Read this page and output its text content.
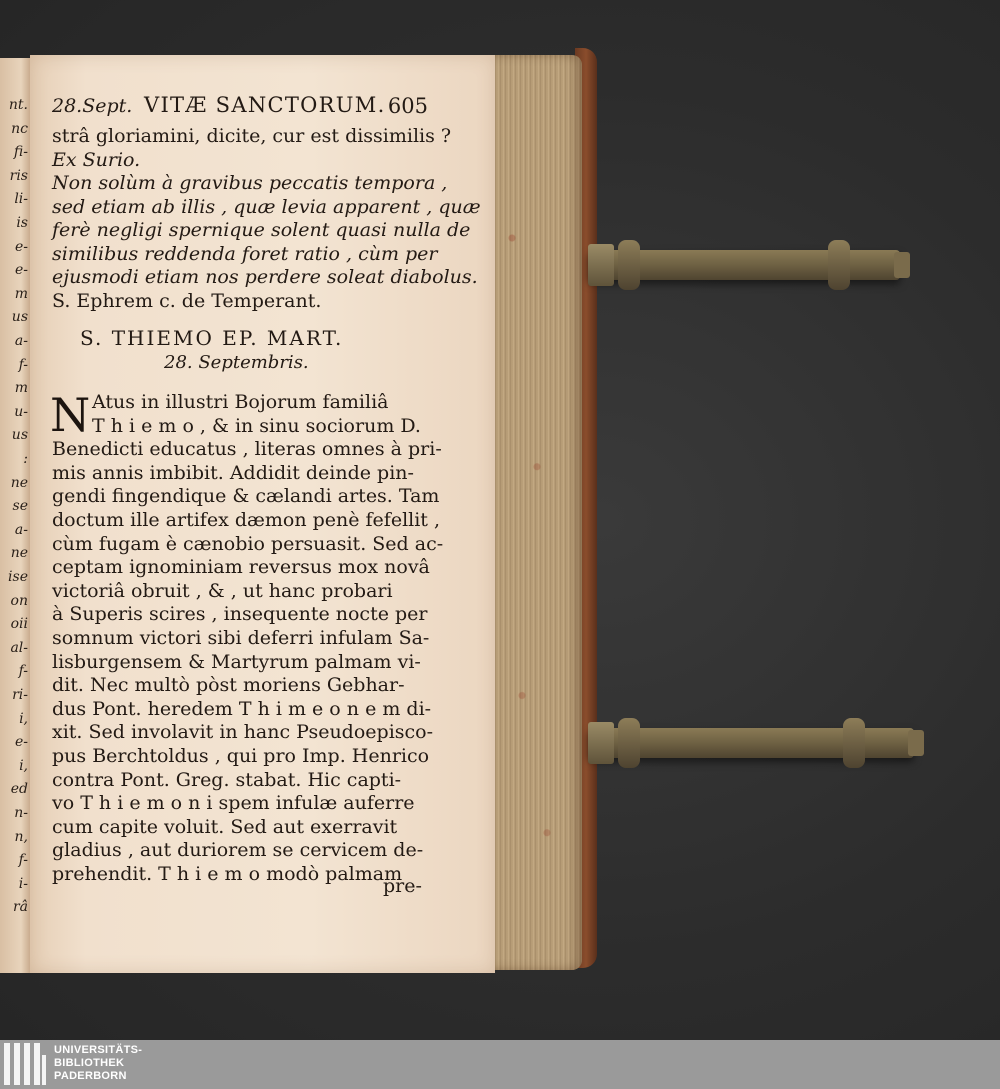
nt.
nc
fi-
ris
li-
is
e-
e-
m
us
a-
f-
m
u-
us
:
ne
se
a-
ne
ise
on
oii
al-
f-
ri-
i,
e-
i,
ed
n-
n,
f-
i-
râ
28.Sept. VITÆ SANCTORUM. 605
strâ gloriamini, dicite, cur est dissimilis ?
Ex Surio.
Non solùm à gravibus peccatis tempora ,
sed etiam ab illis , quæ levia apparent , quæ
ferè negligi spernique solent quasi nulla de
similibus reddenda foret ratio , cùm per
ejusmodi etiam nos perdere soleat diabolus.
S. Ephrem c. de Temperant.
S. THIEMO EP. MART.
28. Septembris.
N Atus in illustri Bojorum familiâ
T h i e m o , & in sinu sociorum D.
Benedicti educatus , literas omnes à pri-
mis annis imbibit. Addidit deinde pin-
gendi fingendique & cælandi artes. Tam
doctum ille artifex dæmon penè fefellit ,
cùm fugam è cænobio persuasit. Sed ac-
ceptam ignominiam reversus mox novâ
victoriâ obruit , & , ut hanc probari
à Superis scires , insequente nocte per
somnum victori sibi deferri infulam Sa-
lisburgensem & Martyrum palmam vi-
dit. Nec multò pòst moriens Gebhar-
dus Pont. heredem T h i m e o n e m di-
xit. Sed involavit in hanc Pseudoepisco-
pus Berchtoldus , qui pro Imp. Henrico
contra Pont. Greg. stabat. Hic capti-
vo T h i e m o n i spem infulæ auferre
cum capite voluit. Sed aut exerravit
gladius , aut duriorem se cervicem de-
prehendit. T h i e m o modò palmam
pre-
UNIVERSITÄTS-
BIBLIOTHEK
PADERBORN
